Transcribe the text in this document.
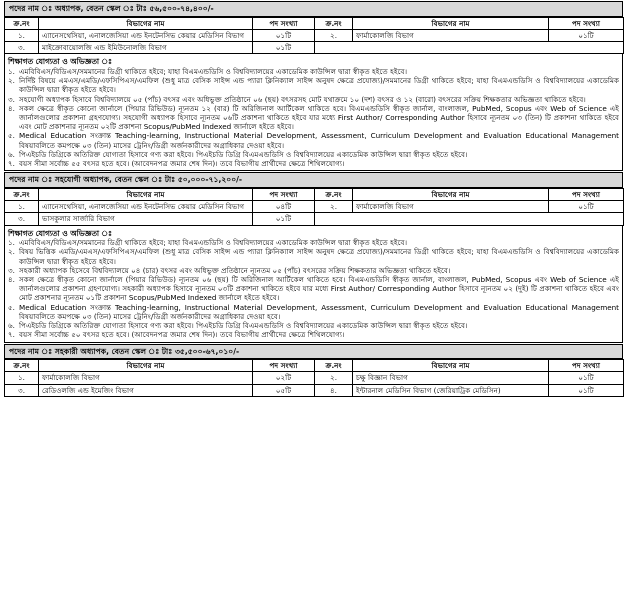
পদের নাম ঃ অধ্যাপক, বেতন স্কেল ঃ টাঃ ৫৬,৫০০-৭৪,৪০০/-
ক্র.নং	বিভাগের নাম	পদ সংখ্যা	ক্র.নং	বিভাগের নাম	পদ সংখ্যা
১.	এ্যানেসথেসিয়া, এনালজেসিয়া এন্ড ইনটেনসিভ কেয়ার মেডিসিন বিভাগ	০১টি	২.	ফার্মাকোলজি বিভাগ	০১টি
৩.	মাইক্রোবায়োলজি এন্ড ইমিউনোলজি বিভাগ	০১টি			
শিক্ষাগত যোগ্যতা ও অভিজ্ঞতা ঃ
১. এমবিবিএস/বিডিএস/সমমানের ডিগ্রী থাকিতে হইবে; যাহা বিএমএন্ডডিসি ও বিশ্ববিদ্যালয়ের একাডেমিক কাউন্সিল দ্বারা স্বীকৃত হইতে হইবে।
২. নির্দিষ্ট বিষয়ে এমএস/এমডি/এফসিপিএস/এমফিল (শুধু মাত্র বেসিক সাইন্স এন্ড প্যারা ক্লিনিক্যাল সাইন্স অনুষদ ক্ষেত্রে প্রযোজ্য)/সমমানের ডিগ্রী থাকিতে হইবে; যাহা বিএমএন্ডডিসি ও বিশ্ববিদ্যালয়ের একাডেমিক কাউন্সিল দ্বারা স্বীকৃত হইতে হইবে।
৩. সহযোগী অধ্যাপক হিসাবে বিশ্ববিদ্যালয়ে ০৫ (পাঁচ) বৎসর এবং অধিভুক্ত প্রতিষ্ঠানে ০৬ (ছয়) বৎসরসহ মোট যথাক্রমে ১০ (দশ) বৎসর ও ১২ (বারো) বৎসরের সক্রিয় শিক্ষকতার অভিজ্ঞতা থাকিতে হইবে।
৪. সকল ক্ষেত্রে স্বীকৃত কোনো জার্নালে (পিয়ার রিভিউড) ন্যূনতম ১২ (বার) টি অরিজিনাল আর্টিকেল থাকিতে হবে। বিএমএন্ডডিসি স্বীকৃত জার্নাল, বাংলাজল, PubMed, Scopus এবং Web of Science এই জার্নালগুলোর প্রকাশনা গ্রহণযোগ্য। সহযোগী অধ্যাপক হিসাবে ন্যূনতম ০৬টি প্রকাশনা থাকিতে হইবে যার মধ্যে First Author/ Corresponding Author হিসাবে ন্যূনতম ০৩ (তিন) টি প্রকাশনা থাকিতে হইবে এবং মোট প্রকাশনার ন্যূনতম ০২টি প্রকাশনা Scopus/PubMed Indexed জার্নালে হইতে হইবে।
৫. Medical Education সংক্রান্ত Teaching-learning, Instructional Material Development, Assessment, Curriculum Development and Evaluation Educational Management বিষয়াবলিতে কমপক্ষে ০৩ (তিন) মাসের ট্রেনিং/ডিগ্রী অর্জনকারীদের অগ্রাধিকার দেওয়া হইবে।
৬. পিএইচডি ডিগ্রিকে অতিরিক্ত যোগ্যতা হিসাবে গণ্য করা হইবে। পিএইচডি ডিগ্রি বিএমএন্ডডিসি ও বিশ্ববিদ্যালয়ের একাডেমিক কাউন্সিল দ্বারা স্বীকৃত হইতে হইবে।
৭. বয়স সীমা সর্বোচ্চ ৫৫ বৎসর হতে হবে। (আবেদনপত্র জমার শেষ দিন)। তবে বিভাগীয় প্রার্থীদের ক্ষেত্রে শিথিলযোগ্য।
পদের নাম ঃ সহযোগী অধ্যাপক, বেতন স্কেল ঃ টাঃ ৫০,০০০-৭১,২০০/-
ক্র.নং	বিভাগের নাম	পদ সংখ্যা	ক্র.নং	বিভাগের নাম	পদ সংখ্যা
১.	এ্যানেসথেসিয়া, এনালজেসিয়া এন্ড ইনটেনসিভ কেয়ার মেডিসিন বিভাগ	০৪টি	২.	ফার্মাকোলজি বিভাগ	০১টি
৩.	ভাসকুলার সার্জারি বিভাগ	০১টি			
শিক্ষাগত যোগ্যতা ও অভিজ্ঞতা ঃ
১. এমবিবিএস/বিডিএস/সমমানের ডিগ্রী থাকিতে হইবে; যাহা বিএমএন্ডডিসি ও বিশ্ববিদ্যালয়ের একাডেমিক কাউন্সিল দ্বারা স্বীকৃত হইতে হইবে।
২. বিষয় ভিত্তিক এমডি/এমএস/এফসিপিএস/এমফিল (শুধু মাত্র বেসিক সাইন্স এন্ড প্যারা ক্লিনিক্যাল সাইন্স অনুষদ ক্ষেত্রে প্রযোজ্য)/সমমানের ডিগ্রী থাকিতে হইবে; যাহা বিএমএন্ডডিসি ও বিশ্ববিদ্যালয়ের একাডেমিক কাউন্সিল দ্বারা স্বীকৃত হইতে হইবে।
৩. সহকারী অধ্যাপক হিসেবে বিশ্ববিদ্যালয়ে ০৪ (চার) বৎসর এবং অধিভুক্ত প্রতিষ্ঠানে ন্যূনতম ০৫ (পাঁচ) বৎসরের সক্রিয় শিক্ষকতার অভিজ্ঞতা থাকিতে হইবে।
৪. সকল ক্ষেত্রে স্বীকৃত কোনো জার্নালে (পিয়ার রিভিউড) ন্যূনতম ০৬ (ছয়) টি অরিজিনাল আর্টিকেল থাকিতে হবে। বিএমএন্ডডিসি স্বীকৃত জার্নাল, বাংলাজল, PubMed, Scopus এবং Web of Science এই জার্নালগুলোর প্রকাশনা গ্রহণযোগ্য। সহকারী অধ্যাপক হিসাবে ন্যূনতম ০৩টি প্রকাশনা থাকিতে হইবে যার মধ্যে First Author/ Corresponding Author হিসাবে ন্যূনতম ০২ (দুই) টি প্রকাশনা থাকিতে হইবে এবং মোট প্রকাশনার ন্যূনতম ০১টি প্রকাশনা Scopus/PubMed Indexed জার্নালে হইতে হইবে।
৫. Medical Education সংক্রান্ত Teaching-learning, Instructional Material Development, Assessment, Curriculum Development and Evaluation Educational Management বিষয়াবলিতে কমপক্ষে ০৩ (তিন) মাসের ট্রেনিং/ডিগ্রী অর্জনকারীদের অগ্রাধিকার দেওয়া হবে।
৬. পিএইচডি ডিগ্রিকে অতিরিক্ত যোগ্যতা হিসাবে গণ্য করা হইবে। পিএইচডি ডিগ্রি বিএমএন্ডডিসি ও বিশ্ববিদ্যালয়ের একাডেমিক কাউন্সিল দ্বারা স্বীকৃত হইতে হইবে।
৭. বয়স সীমা সর্বোচ্চ ৫০ বৎসর হতে হবে। (আবেদনপত্র জমার শেষ দিন)। তবে বিভাগীয় প্রার্থীদের ক্ষেত্রে শিথিলযোগ্য।
পদের নাম ঃ সহকারী অধ্যাপক, বেতন স্কেল ঃ টাঃ ৩৫,৫০০-৬৭,০১০/-
ক্র.নং	বিভাগের নাম	পদ সংখ্যা	ক্র.নং	বিভাগের নাম	পদ সংখ্যা
১.	ফার্মাকোলজি বিভাগ	০২টি	২.	চক্ষু বিজ্ঞান বিভাগ	০১টি
৩.	রেডিওলজি এন্ড ইমেজিং বিভাগ	০৫টি	৪.	ইন্টারনাল মেডিসিন বিভাগ (জেরিয়াট্রিক মেডিসিন)	০১টি
